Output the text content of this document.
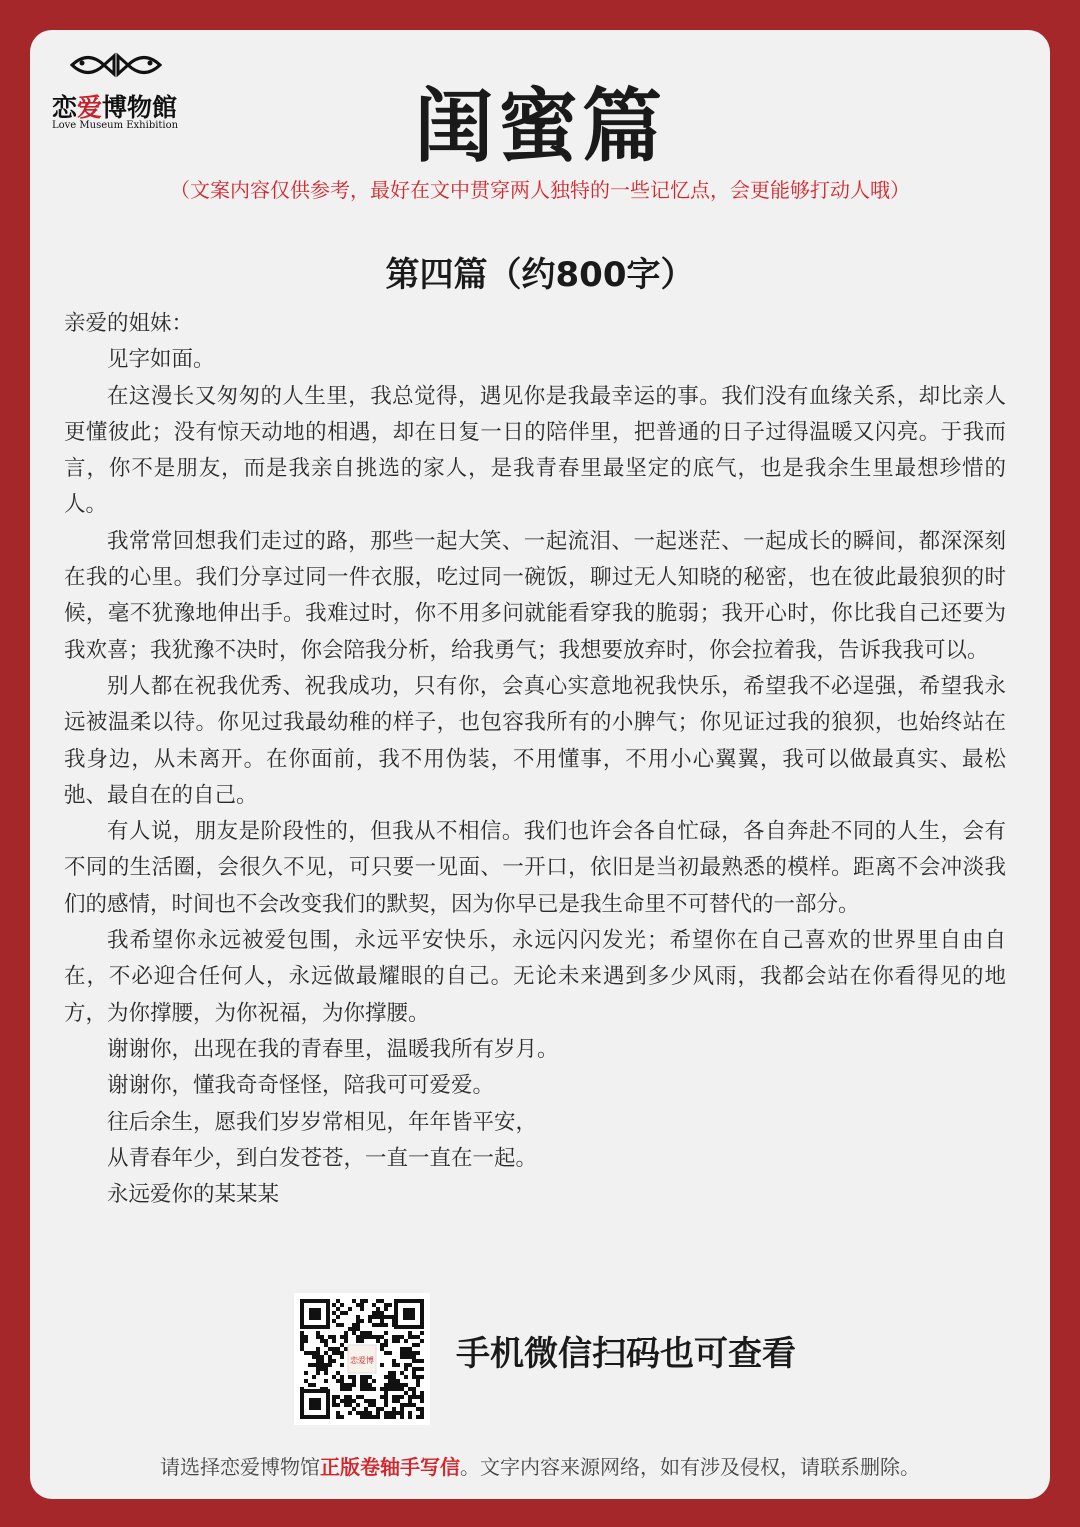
恋爱博物館
Love Museum Exhibition	闺蜜篇
（文案内容仅供参考，最好在文中贯穿两人独特的一些记忆点，会更能够打动人哦）
第四篇（约800字）

亲爱的姐妹：

见字如面。

在这漫长又匆匆的人生里，我总觉得，遇见你是我最幸运的事。我们没有血缘关系，却比亲人更懂彼此；没有惊天动地的相遇，却在日复一日的陪伴里，把普通的日子过得温暖又闪亮。于我而言，你不是朋友，而是我亲自挑选的家人，是我青春里最坚定的底气，也是我余生里最想珍惜的人。

我常常回想我们走过的路，那些一起大笑、一起流泪、一起迷茫、一起成长的瞬间，都深深刻在我的心里。我们分享过同一件衣服，吃过同一碗饭，聊过无人知晓的秘密，也在彼此最狼狈的时候，毫不犹豫地伸出手。我难过时，你不用多问就能看穿我的脆弱；我开心时，你比我自己还要为我欢喜；我犹豫不决时，你会陪我分析，给我勇气；我想要放弃时，你会拉着我，告诉我我可以。

别人都在祝我优秀、祝我成功，只有你，会真心实意地祝我快乐，希望我不必逞强，希望我永远被温柔以待。你见过我最幼稚的样子，也包容我所有的小脾气；你见证过我的狼狈，也始终站在我身边，从未离开。在你面前，我不用伪装，不用懂事，不用小心翼翼，我可以做最真实、最松弛、最自在的自己。

有人说，朋友是阶段性的，但我从不相信。我们也许会各自忙碌，各自奔赴不同的人生，会有不同的生活圈，会很久不见，可只要一见面、一开口，依旧是当初最熟悉的模样。距离不会冲淡我们的感情，时间也不会改变我们的默契，因为你早已是我生命里不可替代的一部分。

我希望你永远被爱包围，永远平安快乐，永远闪闪发光；希望你在自己喜欢的世界里自由自在，不必迎合任何人，永远做最耀眼的自己。无论未来遇到多少风雨，我都会站在你看得见的地方，为你撑腰，为你祝福，为你撑腰。

谢谢你，出现在我的青春里，温暖我所有岁月。

谢谢你，懂我奇奇怪怪，陪我可可爱爱。

往后余生，愿我们岁岁常相见，年年皆平安，

从青春年少，到白发苍苍，一直一直在一起。

永远爱你的某某某

恋爱博 手机微信扫码也可查看
请选择恋爱博物馆正版卷轴手写信。文字内容来源网络，如有涉及侵权，请联系删除。
